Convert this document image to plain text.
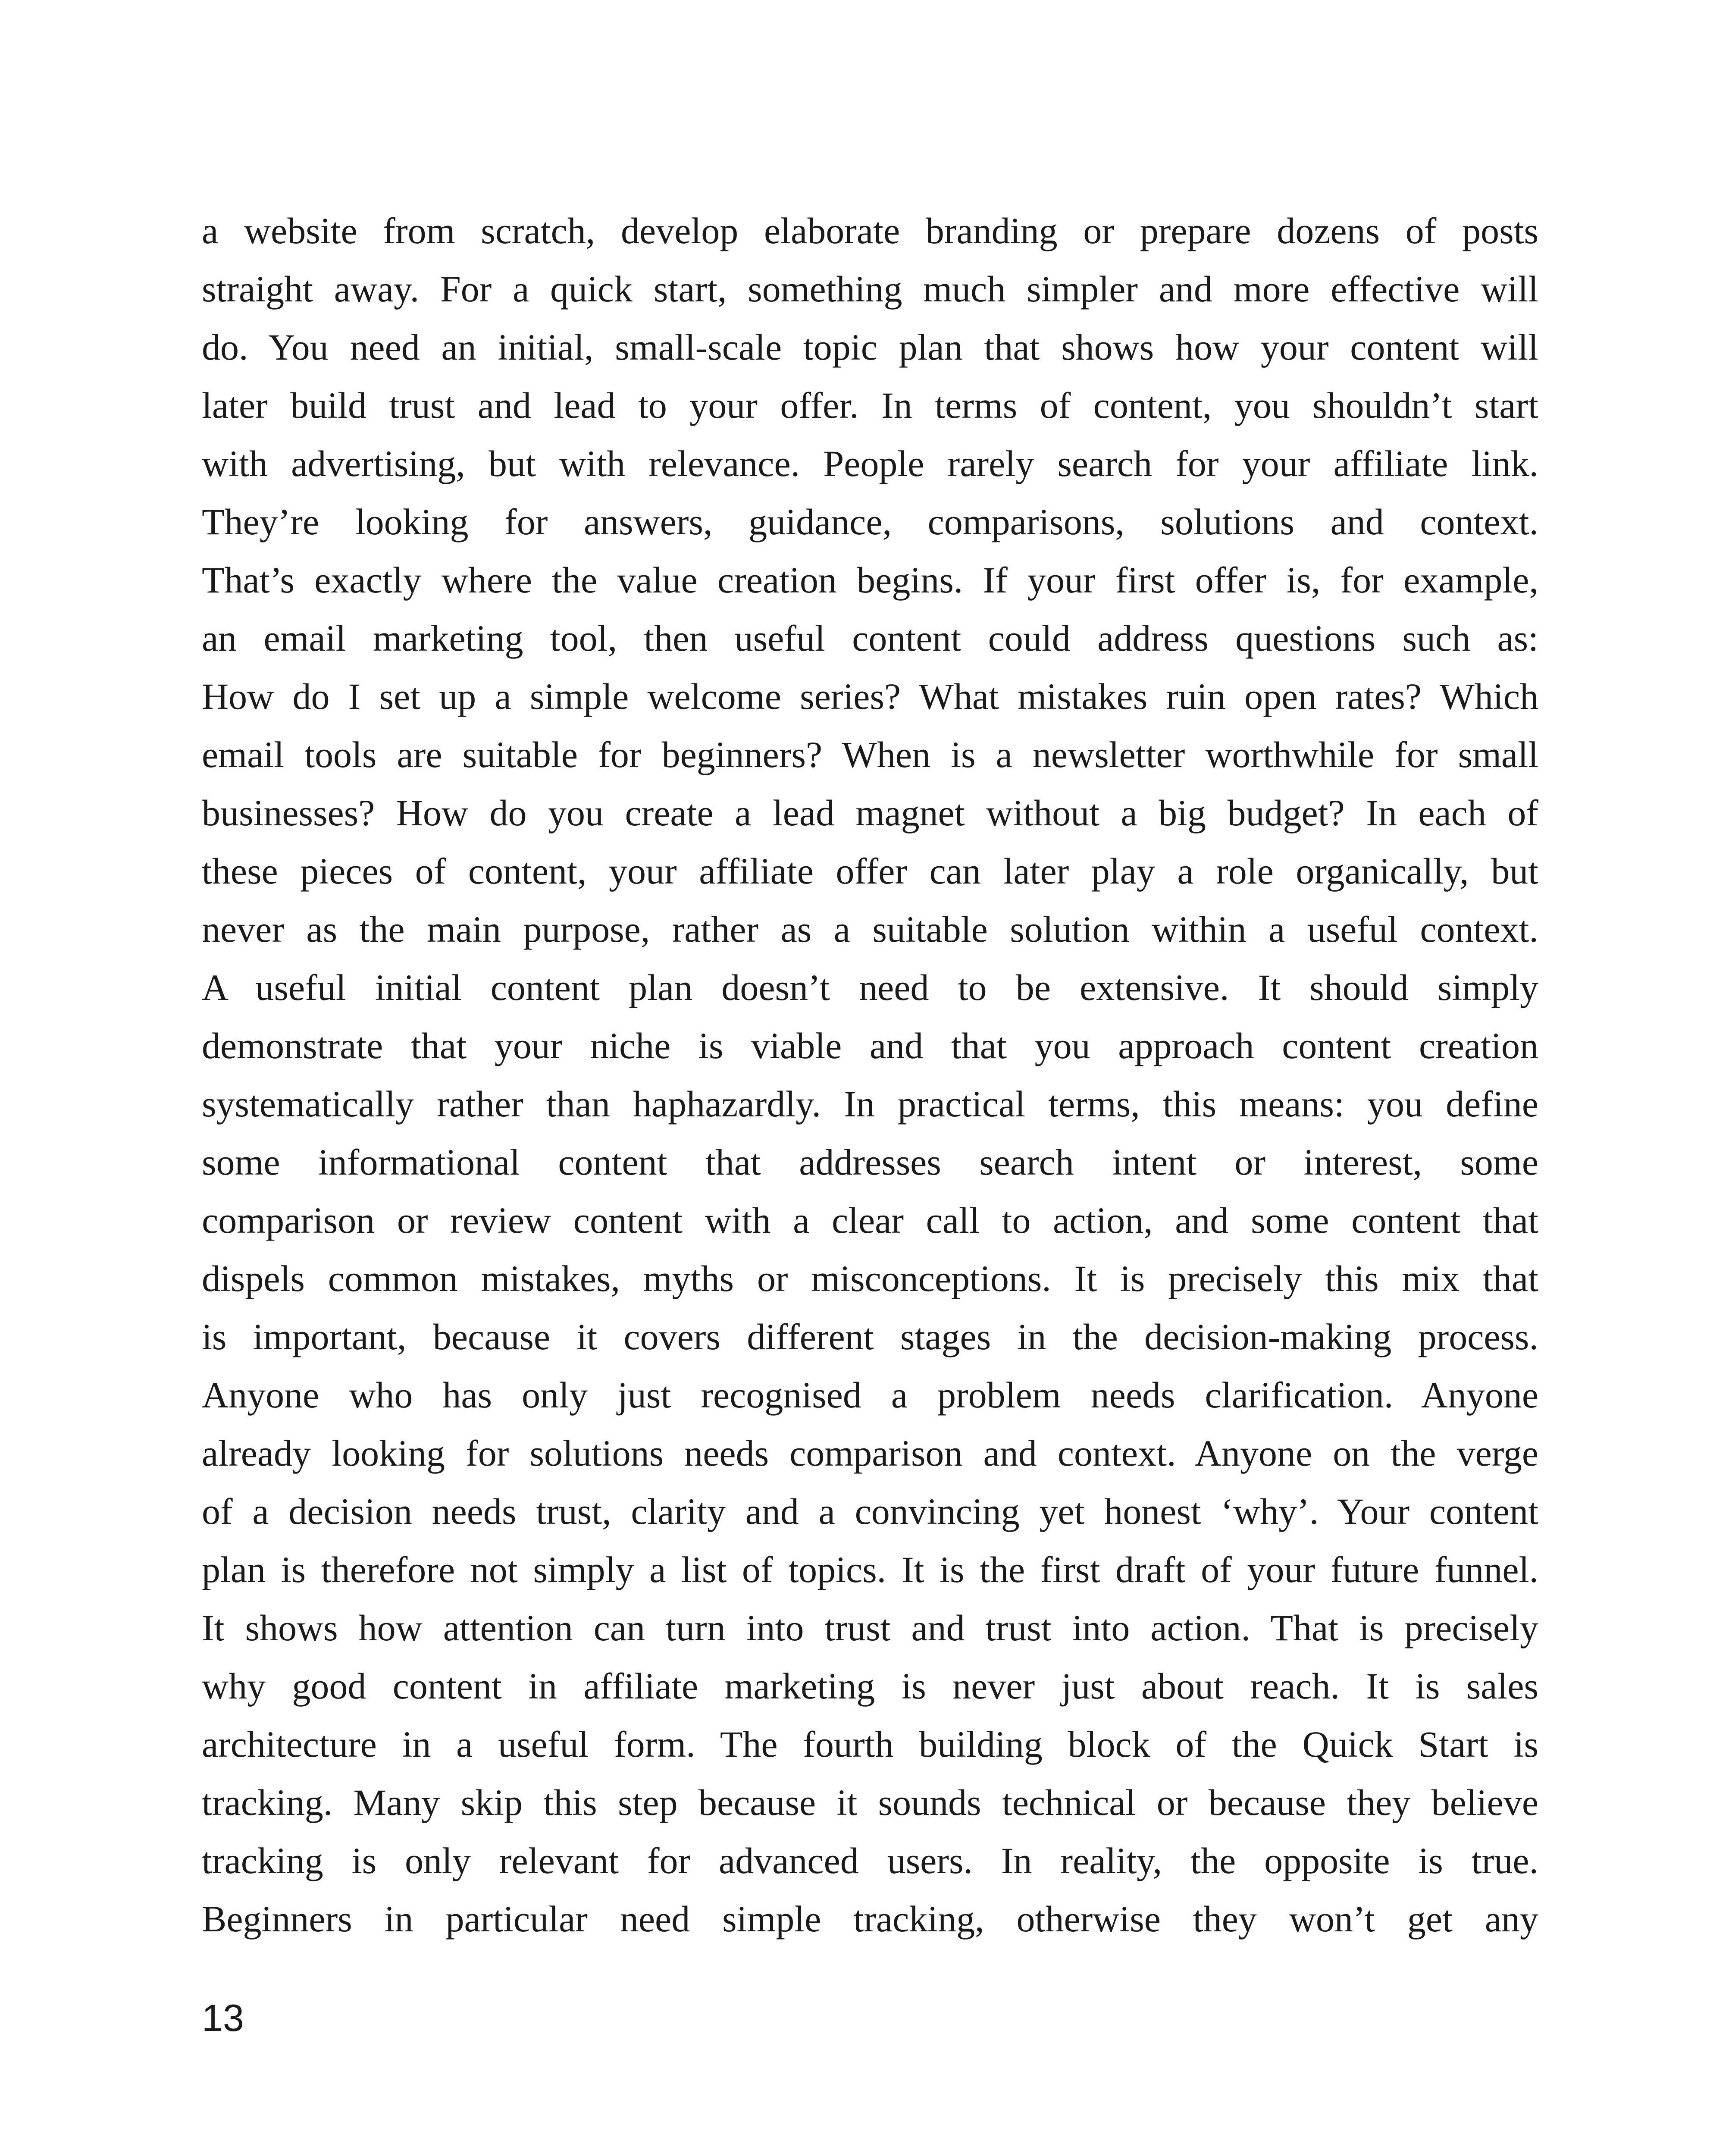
a website from scratch, develop elaborate branding or prepare dozens of posts
straight away. For a quick start, something much simpler and more effective will
do. You need an initial, small-scale topic plan that shows how your content will
later build trust and lead to your offer. In terms of content, you shouldn’t start
with advertising, but with relevance. People rarely search for your affiliate link.
They’re looking for answers, guidance, comparisons, solutions and context.
That’s exactly where the value creation begins. If your first offer is, for example,
an email marketing tool, then useful content could address questions such as:
How do I set up a simple welcome series? What mistakes ruin open rates? Which
email tools are suitable for beginners? When is a newsletter worthwhile for small
businesses? How do you create a lead magnet without a big budget? In each of
these pieces of content, your affiliate offer can later play a role organically, but
never as the main purpose, rather as a suitable solution within a useful context.
A useful initial content plan doesn’t need to be extensive. It should simply
demonstrate that your niche is viable and that you approach content creation
systematically rather than haphazardly. In practical terms, this means: you define
some informational content that addresses search intent or interest, some
comparison or review content with a clear call to action, and some content that
dispels common mistakes, myths or misconceptions. It is precisely this mix that
is important, because it covers different stages in the decision-making process.
Anyone who has only just recognised a problem needs clarification. Anyone
already looking for solutions needs comparison and context. Anyone on the verge
of a decision needs trust, clarity and a convincing yet honest ‘why’. Your content
plan is therefore not simply a list of topics. It is the first draft of your future funnel.
It shows how attention can turn into trust and trust into action. That is precisely
why good content in affiliate marketing is never just about reach. It is sales
architecture in a useful form. The fourth building block of the Quick Start is
tracking. Many skip this step because it sounds technical or because they believe
tracking is only relevant for advanced users. In reality, the opposite is true.
Beginners in particular need simple tracking, otherwise they won’t get any
13
